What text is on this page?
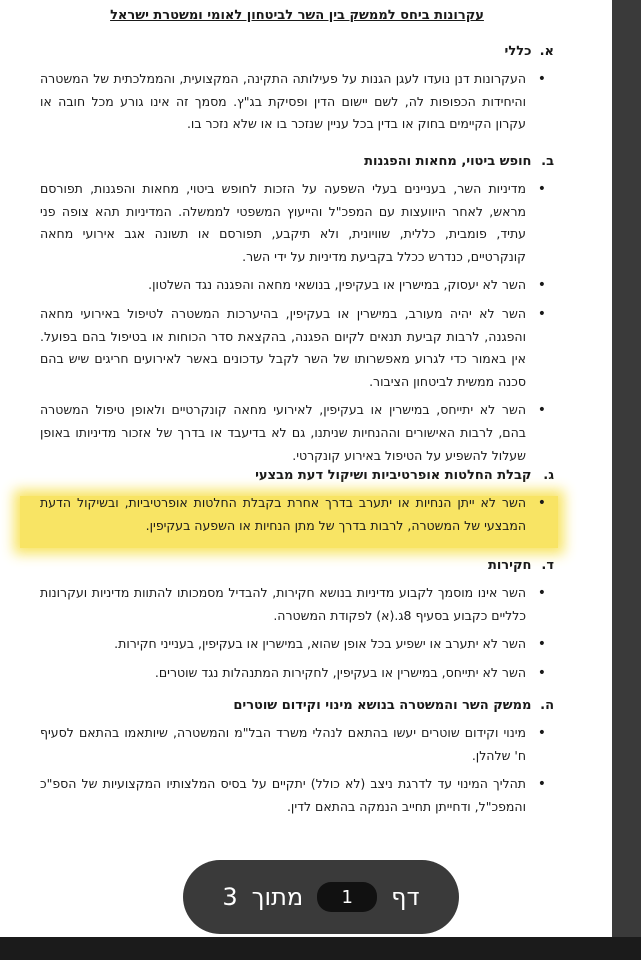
עקרונות ביחס לממשק בין השר לביטחון לאומי ומשטרת ישראל
א. כללי
• העקרונות דנן נועדו לעגן הגנות על פעילותה התקינה, המקצועית, והממלכתית של המשטרה והיחידות הכפופות לה, לשם יישום הדין ופסיקת בג"ץ. מסמך זה אינו גורע מכל חובה או עקרון הקיימים בחוק או בדין בכל עניין שנזכר בו או שלא נזכר בו.
ב. חופש ביטוי, מחאות והפגנות
• מדיניות השר, בעניינים בעלי השפעה על הזכות לחופש ביטוי, מחאות והפגנות, תפורסם מראש, לאחר היוועצות עם המפכ"ל והייעוץ המשפטי לממשלה. המדיניות תהא צופה פני עתיד, פומבית, כללית, שוויונית, ולא תיקבע, תפורסם או תשונה אגב אירועי מחאה קונקרטיים, כנדרש ככלל בקביעת מדיניות על ידי השר.
• השר לא יעסוק, במישרין או בעקיפין, בנושאי מחאה והפגנה נגד השלטון.
• השר לא יהיה מעורב, במישרין או בעקיפין, בהיערכות המשטרה לטיפול באירועי מחאה והפגנה, לרבות קביעת תנאים לקיום הפגנה, בהקצאת סדר הכוחות או בטיפול בהם בפועל. אין באמור כדי לגרוע מאפשרותו של השר לקבל עדכונים באשר לאירועים חריגים שיש בהם סכנה ממשית לביטחון הציבור.
• השר לא יתייחס, במישרין או בעקיפין, לאירועי מחאה קונקרטיים ולאופן טיפול המשטרה בהם, לרבות האישורים וההנחיות שניתנו, גם לא בדיעבד או בדרך של אזכור מדיניותו באופן שעלול להשפיע על הטיפול באירוע קונקרטי.
ג. קבלת החלטות אופרטיביות ושיקול דעת מבצעי
• השר לא ייתן הנחיות או יתערב בדרך אחרת בקבלת החלטות אופרטיביות, ובשיקול הדעת המבצעי של המשטרה, לרבות בדרך של מתן הנחיות או השפעה בעקיפין.
ד. חקירות
• השר אינו מוסמך לקבוע מדיניות בנושא חקירות, להבדיל מסמכותו להתוות מדיניות ועקרונות כלליים כקבוע בסעיף 8ג.(א) לפקודת המשטרה.
• השר לא יתערב או ישפיע בכל אופן שהוא, במישרין או בעקיפין, בענייני חקירות.
• השר לא יתייחס, במישרין או בעקיפין, לחקירות המתנהלות נגד שוטרים.
ה. ממשק השר והמשטרה בנושא מינוי וקידום שוטרים
• מינוי וקידום שוטרים יעשו בהתאם לנהלי משרד הבל"מ והמשטרה, שיותאמו בהתאם לסעיף ח' שלהלן.
• תהליך המינוי עד לדרגת ניצב (לא כולל) יתקיים על בסיס המלצותיו המקצועיות של הספ"כ והמפכ"ל, ודחייתן תחייב הנמקה בהתאם לדין.
דף
1
מתוך
3
